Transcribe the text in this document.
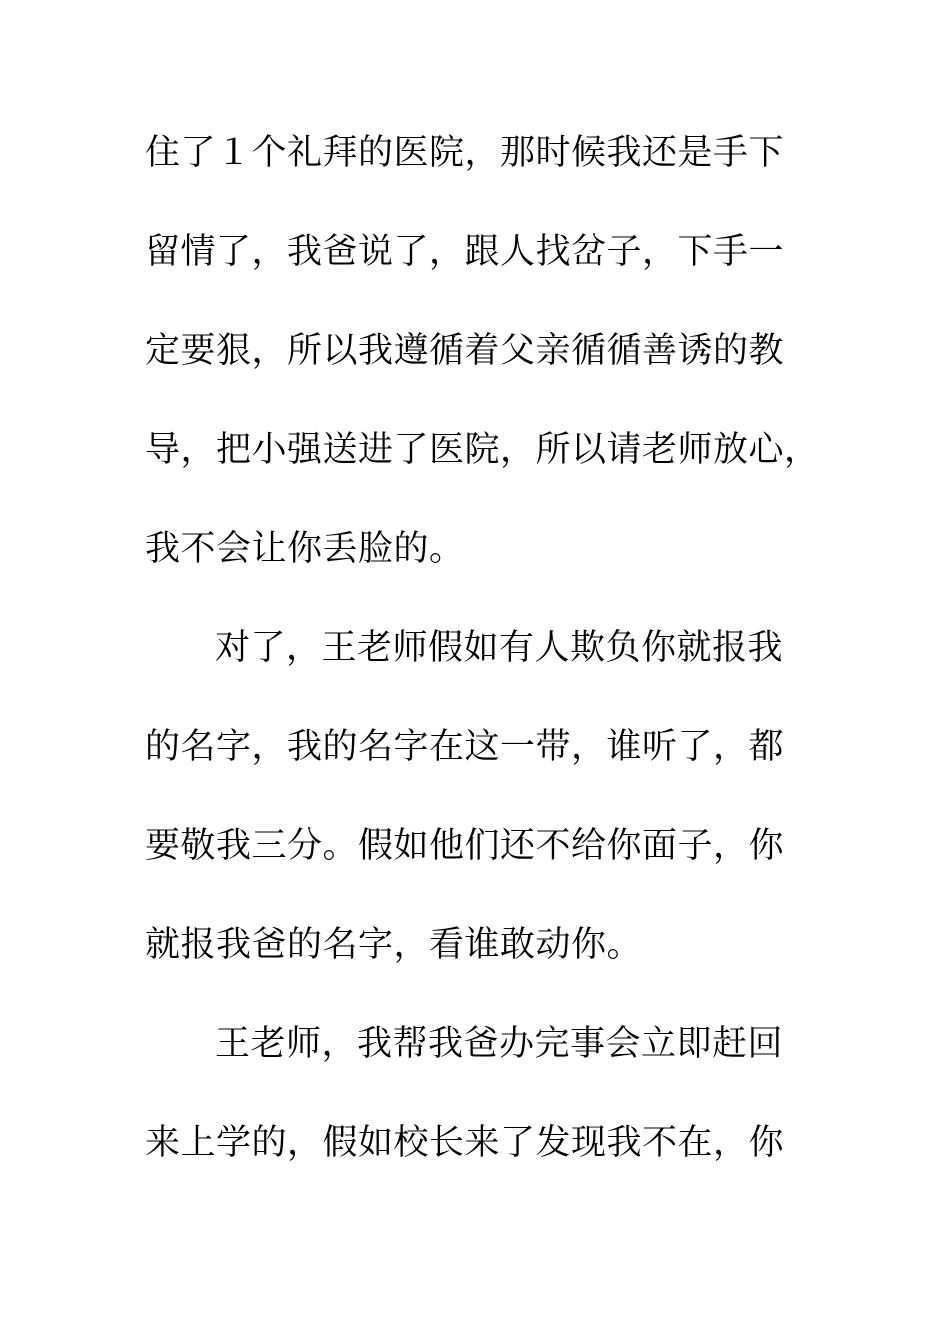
住了１个礼拜的医院，那时候我还是手下
留情了，我爸说了，跟人找岔子，下手一
定要狠，所以我遵循着父亲循循善诱的教
导，把小强送进了医院，所以请老师放心，
我不会让你丢脸的。
对了，王老师假如有人欺负你就报我
的名字，我的名字在这一带，谁听了，都
要敬我三分。假如他们还不给你面子，你
就报我爸的名字，看谁敢动你。
王老师，我帮我爸办完事会立即赶回
来上学的，假如校长来了发现我不在，你
